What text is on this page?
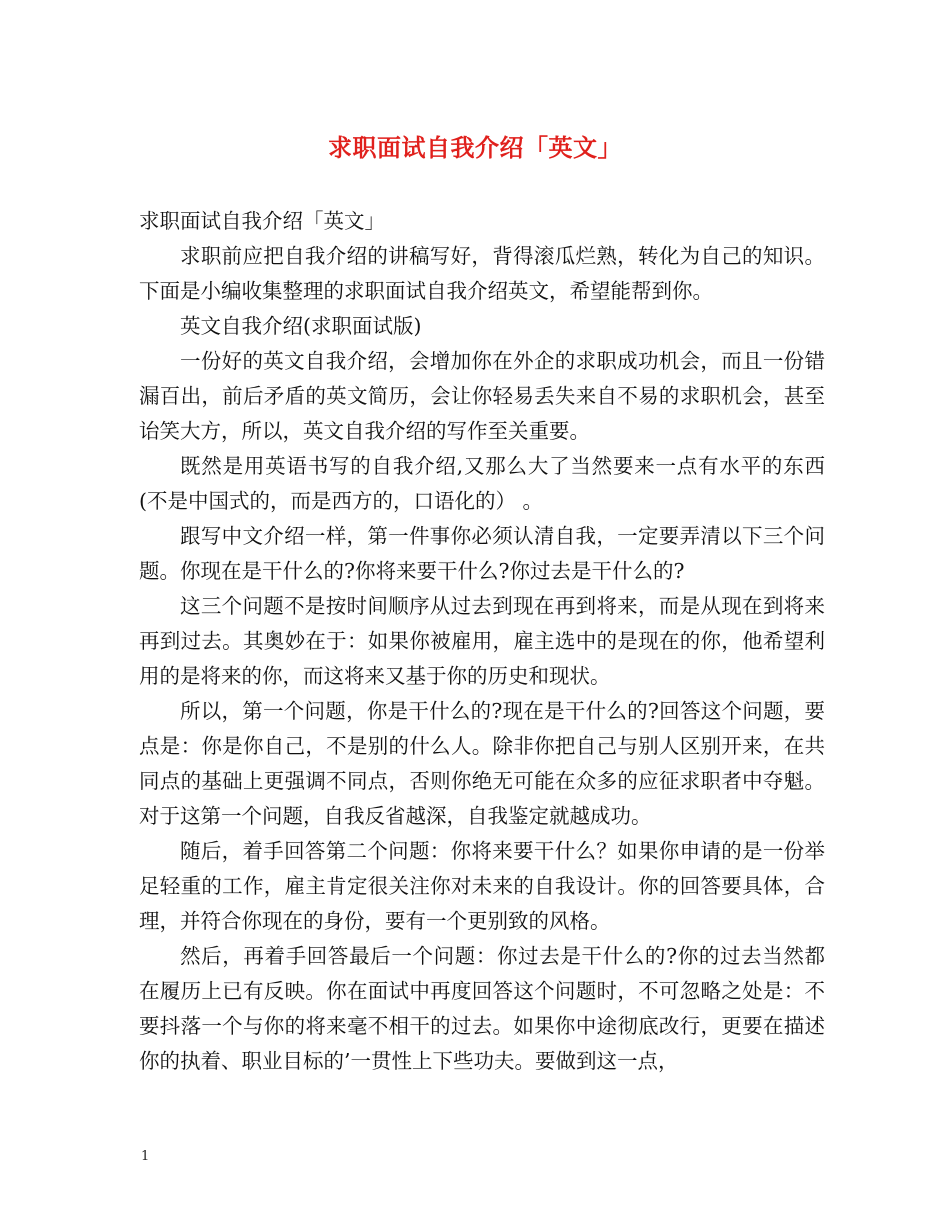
求职面试自我介绍「英文」

求职面试自我介绍「英文」

求职前应把自我介绍的讲稿写好，背得滚瓜烂熟，转化为自己的知识。下面是小编收集整理的求职面试自我介绍英文，希望能帮到你。

英文自我介绍(求职面试版)

一份好的英文自我介绍，会增加你在外企的求职成功机会，而且一份错漏百出，前后矛盾的英文简历，会让你轻易丢失来自不易的求职机会，甚至诒笑大方，所以，英文自我介绍的写作至关重要。

既然是用英语书写的自我介绍,又那么大了当然要来一点有水平的东西(不是中国式的，而是西方的，口语化的） 。

跟写中文介绍一样，第一件事你必须认清自我，一定要弄清以下三个问题。你现在是干什么的?你将来要干什么?你过去是干什么的?

这三个问题不是按时间顺序从过去到现在再到将来，而是从现在到将来再到过去。其奥妙在于：如果你被雇用，雇主选中的是现在的你，他希望利用的是将来的你，而这将来又基于你的历史和现状。

所以，第一个问题，你是干什么的?现在是干什么的?回答这个问题，要点是：你是你自己，不是别的什么人。除非你把自己与别人区别开来，在共同点的基础上更强调不同点，否则你绝无可能在众多的应征求职者中夺魁。 对于这第一个问题，自我反省越深，自我鉴定就越成功。

随后，着手回答第二个问题：你将来要干什么？如果你申请的是一份举足轻重的工作，雇主肯定很关注你对未来的自我设计。你的回答要具体，合理，并符合你现在的身份，要有一个更别致的风格。

然后，再着手回答最后一个问题：你过去是干什么的?你的过去当然都在履历上已有反映。你在面试中再度回答这个问题时，不可忽略之处是：不要抖落一个与你的将来毫不相干的过去。如果你中途彻底改行，更要在描述你的执着、职业目标的’一贯性上下些功夫。要做到这一点，

1
